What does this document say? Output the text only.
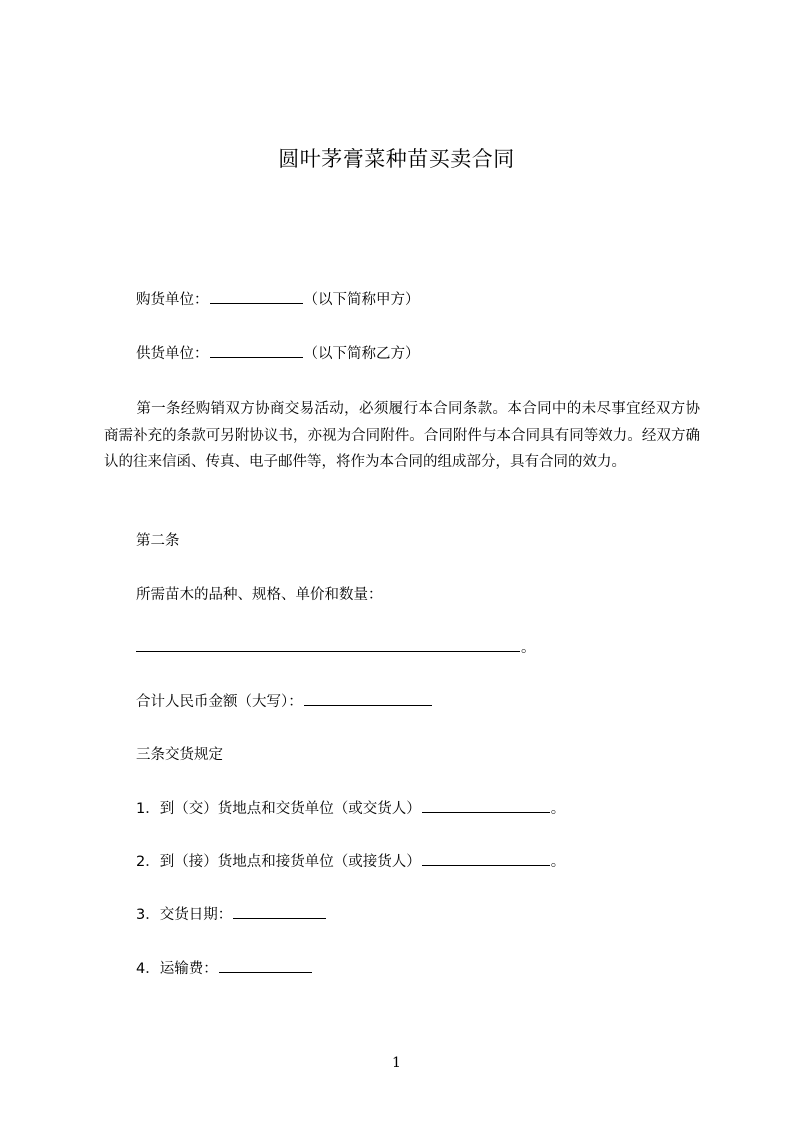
圆叶茅膏菜种苗买卖合同
购货单位：	（以下简称甲方）
供货单位：	（以下简称乙方）
第一条经购销双方协商交易活动，必须履行本合同条款。本合同中的未尽事宜经双方协商需补充的条款可另附协议书，亦视为合同附件。合同附件与本合同具有同等效力。经双方确认的往来信函、传真、电子邮件等，将作为本合同的组成部分，具有合同的效力。
第二条
所需苗木的品种、规格、单价和数量：
。
合计人民币金额（大写）：
三条交货规定
1．到（交）货地点和交货单位（或交货人）	。
2．到（接）货地点和接货单位（或接货人）	。
3．交货日期：
4．运输费：
1
